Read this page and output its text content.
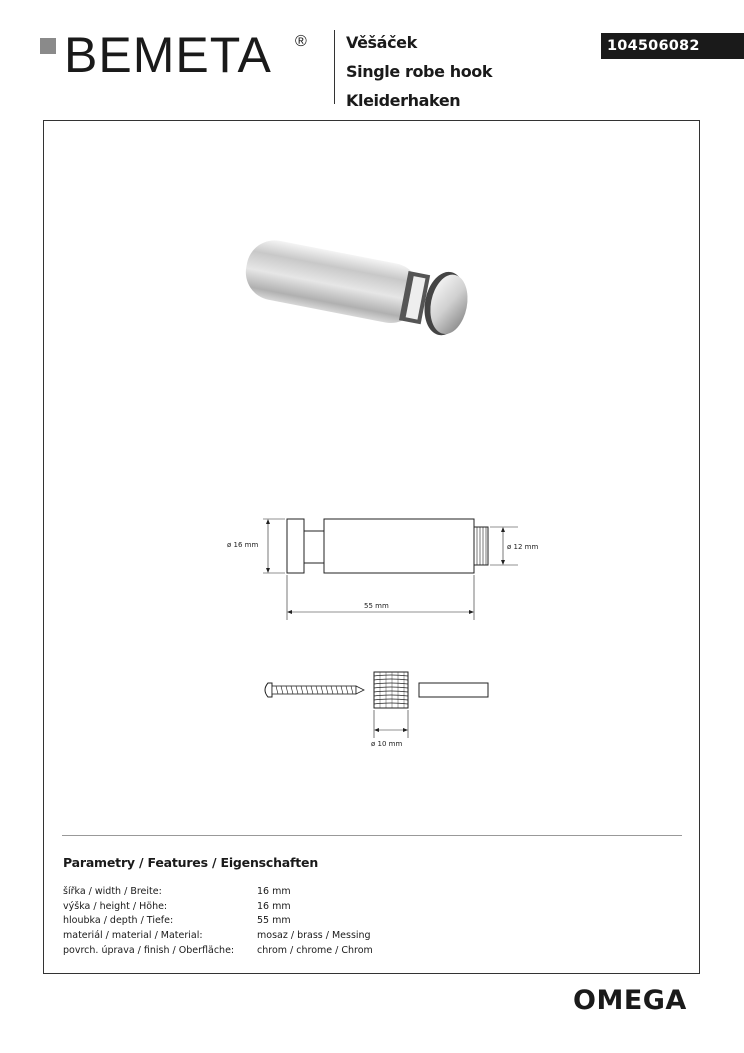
BEMETA ® Věšáček
Single robe hook
Kleiderhaken
104506082
ø 16 mm	ø 12 mm
55 mm
ø 10 mm
Parametry / Features / Eigenschaften
šířka / width / Breite:	16 mm
výška / height / Höhe:	16 mm
hloubka / depth / Tiefe:	55 mm
materiál / material / Material:	mosaz / brass / Messing
povrch. úprava / finish / Oberfläche:	chrom / chrome / Chrom
OMEGA
